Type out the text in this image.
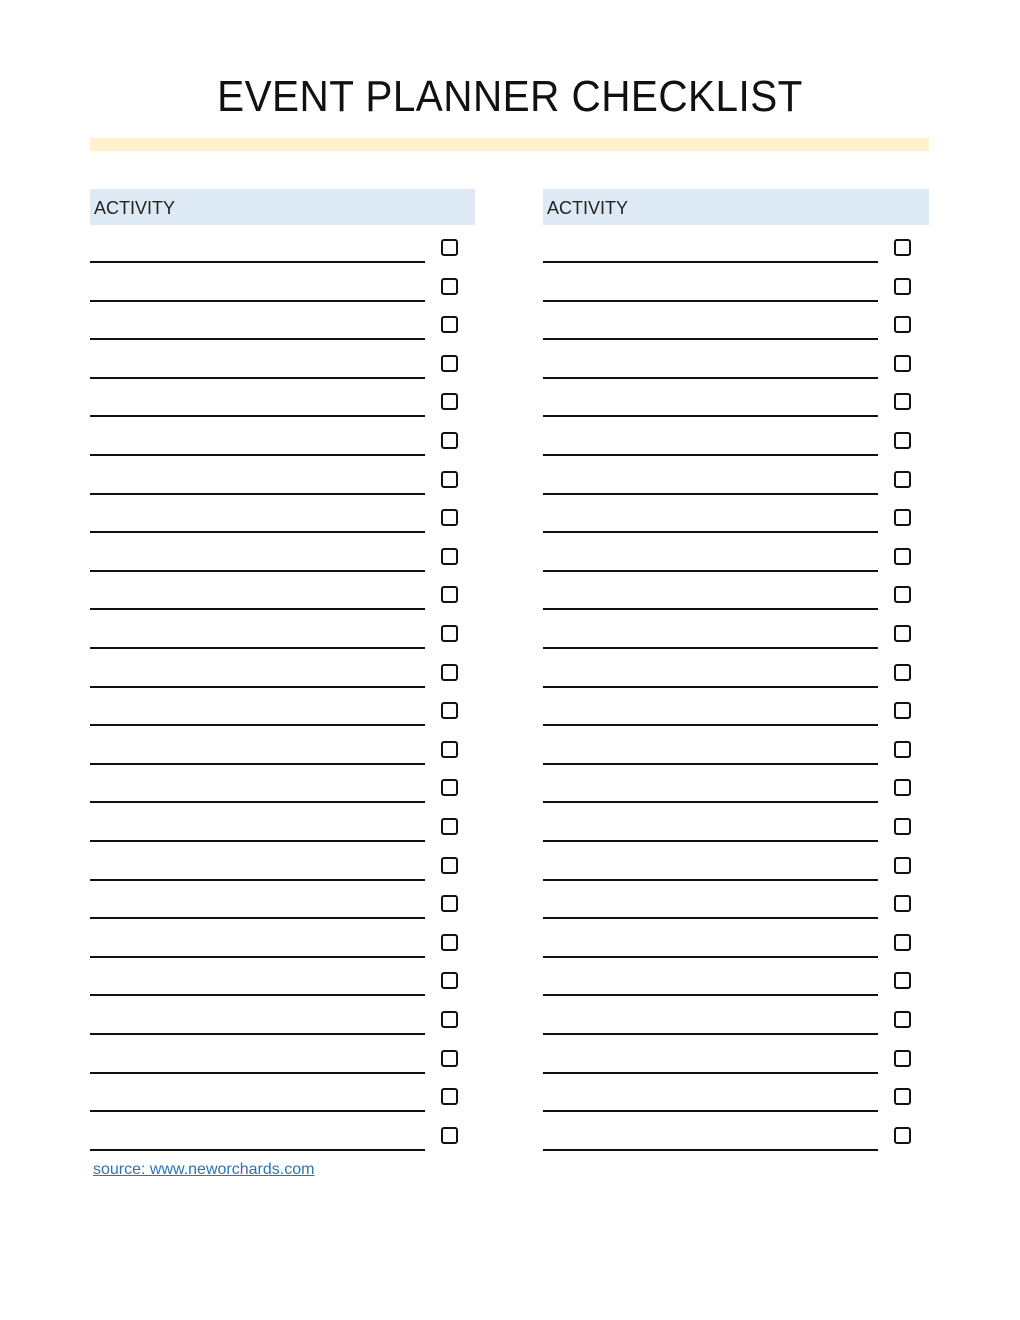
EVENT PLANNER CHECKLIST
ACTIVITY	ACTIVITY
source: www.neworchards.com
